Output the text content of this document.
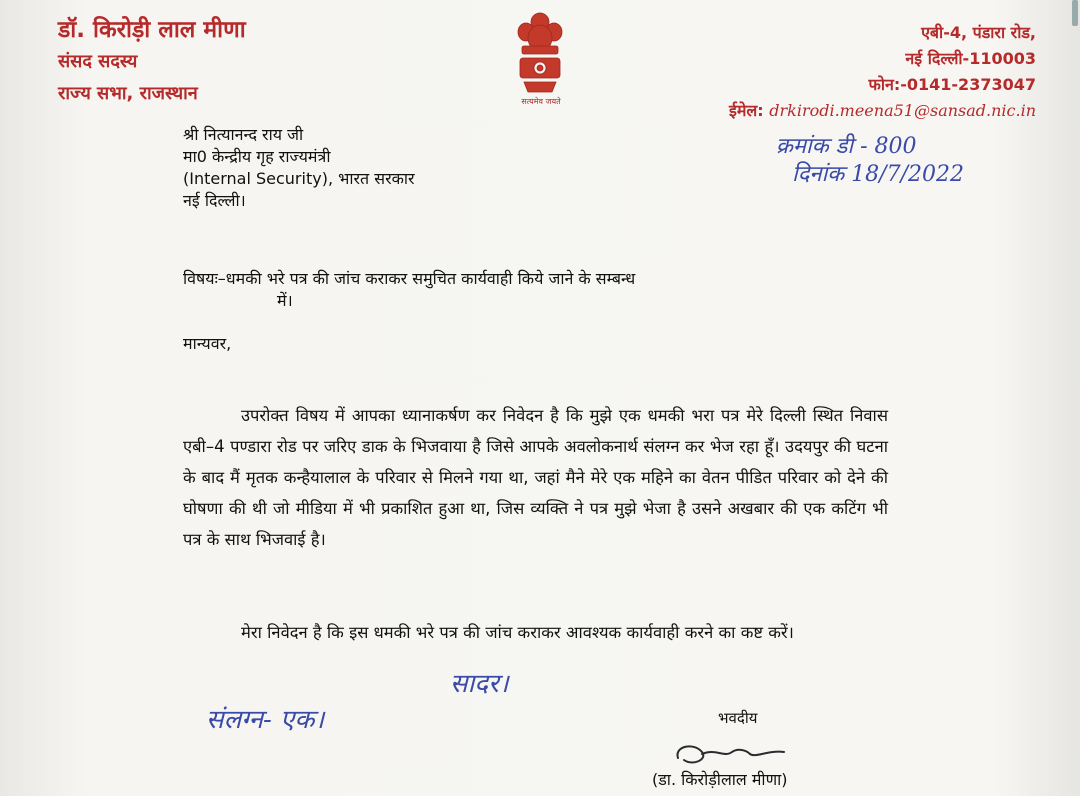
डॉ. किरोड़ी लाल मीणा
संसद सदस्य
राज्य सभा, राजस्थान	सत्यमेव जयते
एबी-4, पंडारा रोड,
नई दिल्ली-110003
फोन:-0141-2373047
ईमेल: drkirodi.meena51@sansad.nic.in
क्रमांक डी - 800
दिनांक 18/7/2022
श्री नित्यानन्द राय जी
मा0 केन्द्रीय गृह राज्यमंत्री
(Internal Security), भारत सरकार
नई दिल्ली।
विषयः–धमकी भरे पत्र की जांच कराकर समुचित कार्यवाही किये जाने के सम्बन्ध
में।
मान्यवर,
उपरोक्त विषय में आपका ध्यानाकर्षण कर निवेदन है कि मुझे एक धमकी भरा पत्र मेरे दिल्ली स्थित निवास एबी–4 पण्डारा रोड पर जरिए डाक के भिजवाया है जिसे आपके अवलोकनार्थ संलग्न कर भेज रहा हूँ। उदयपुर की घटना के बाद मैं मृतक कन्हैयालाल के परिवार से मिलने गया था, जहां मैने मेरे एक महिने का वेतन पीडित परिवार को देने की घोषणा की थी जो मीडिया में भी प्रकाशित हुआ था, जिस व्यक्ति ने पत्र मुझे भेजा है उसने अखबार की एक कटिंग भी पत्र के साथ भिजवाई है।
मेरा निवेदन है कि इस धमकी भरे पत्र की जांच कराकर आवश्यक कार्यवाही करने का कष्ट करें।
सादर।
संलग्न- एक।	भवदीय
(डा. किरोड़ीलाल मीणा)
